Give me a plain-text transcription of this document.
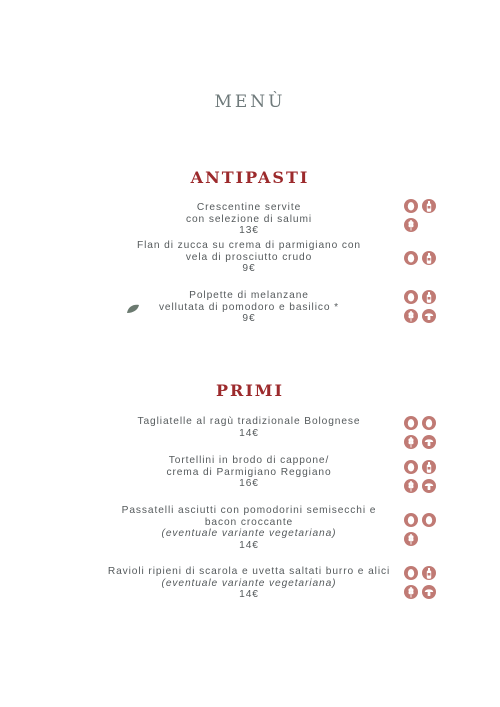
MENÙ
ANTIPASTI
Crescentine servite
con selezione di salumi
13€
Flan di zucca su crema di parmigiano con
vela di prosciutto crudo
9€
Polpette di melanzane
vellutata di pomodoro e basilico *
9€
PRIMI
Tagliatelle al ragù tradizionale Bolognese
14€
Tortellini in brodo di cappone/
crema di Parmigiano Reggiano
16€
Passatelli asciutti con pomodorini semisecchi e
bacon croccante
(eventuale variante vegetariana)
14€
Ravioli ripieni di scarola e uvetta saltati burro e alici
(eventuale variante vegetariana)
14€
